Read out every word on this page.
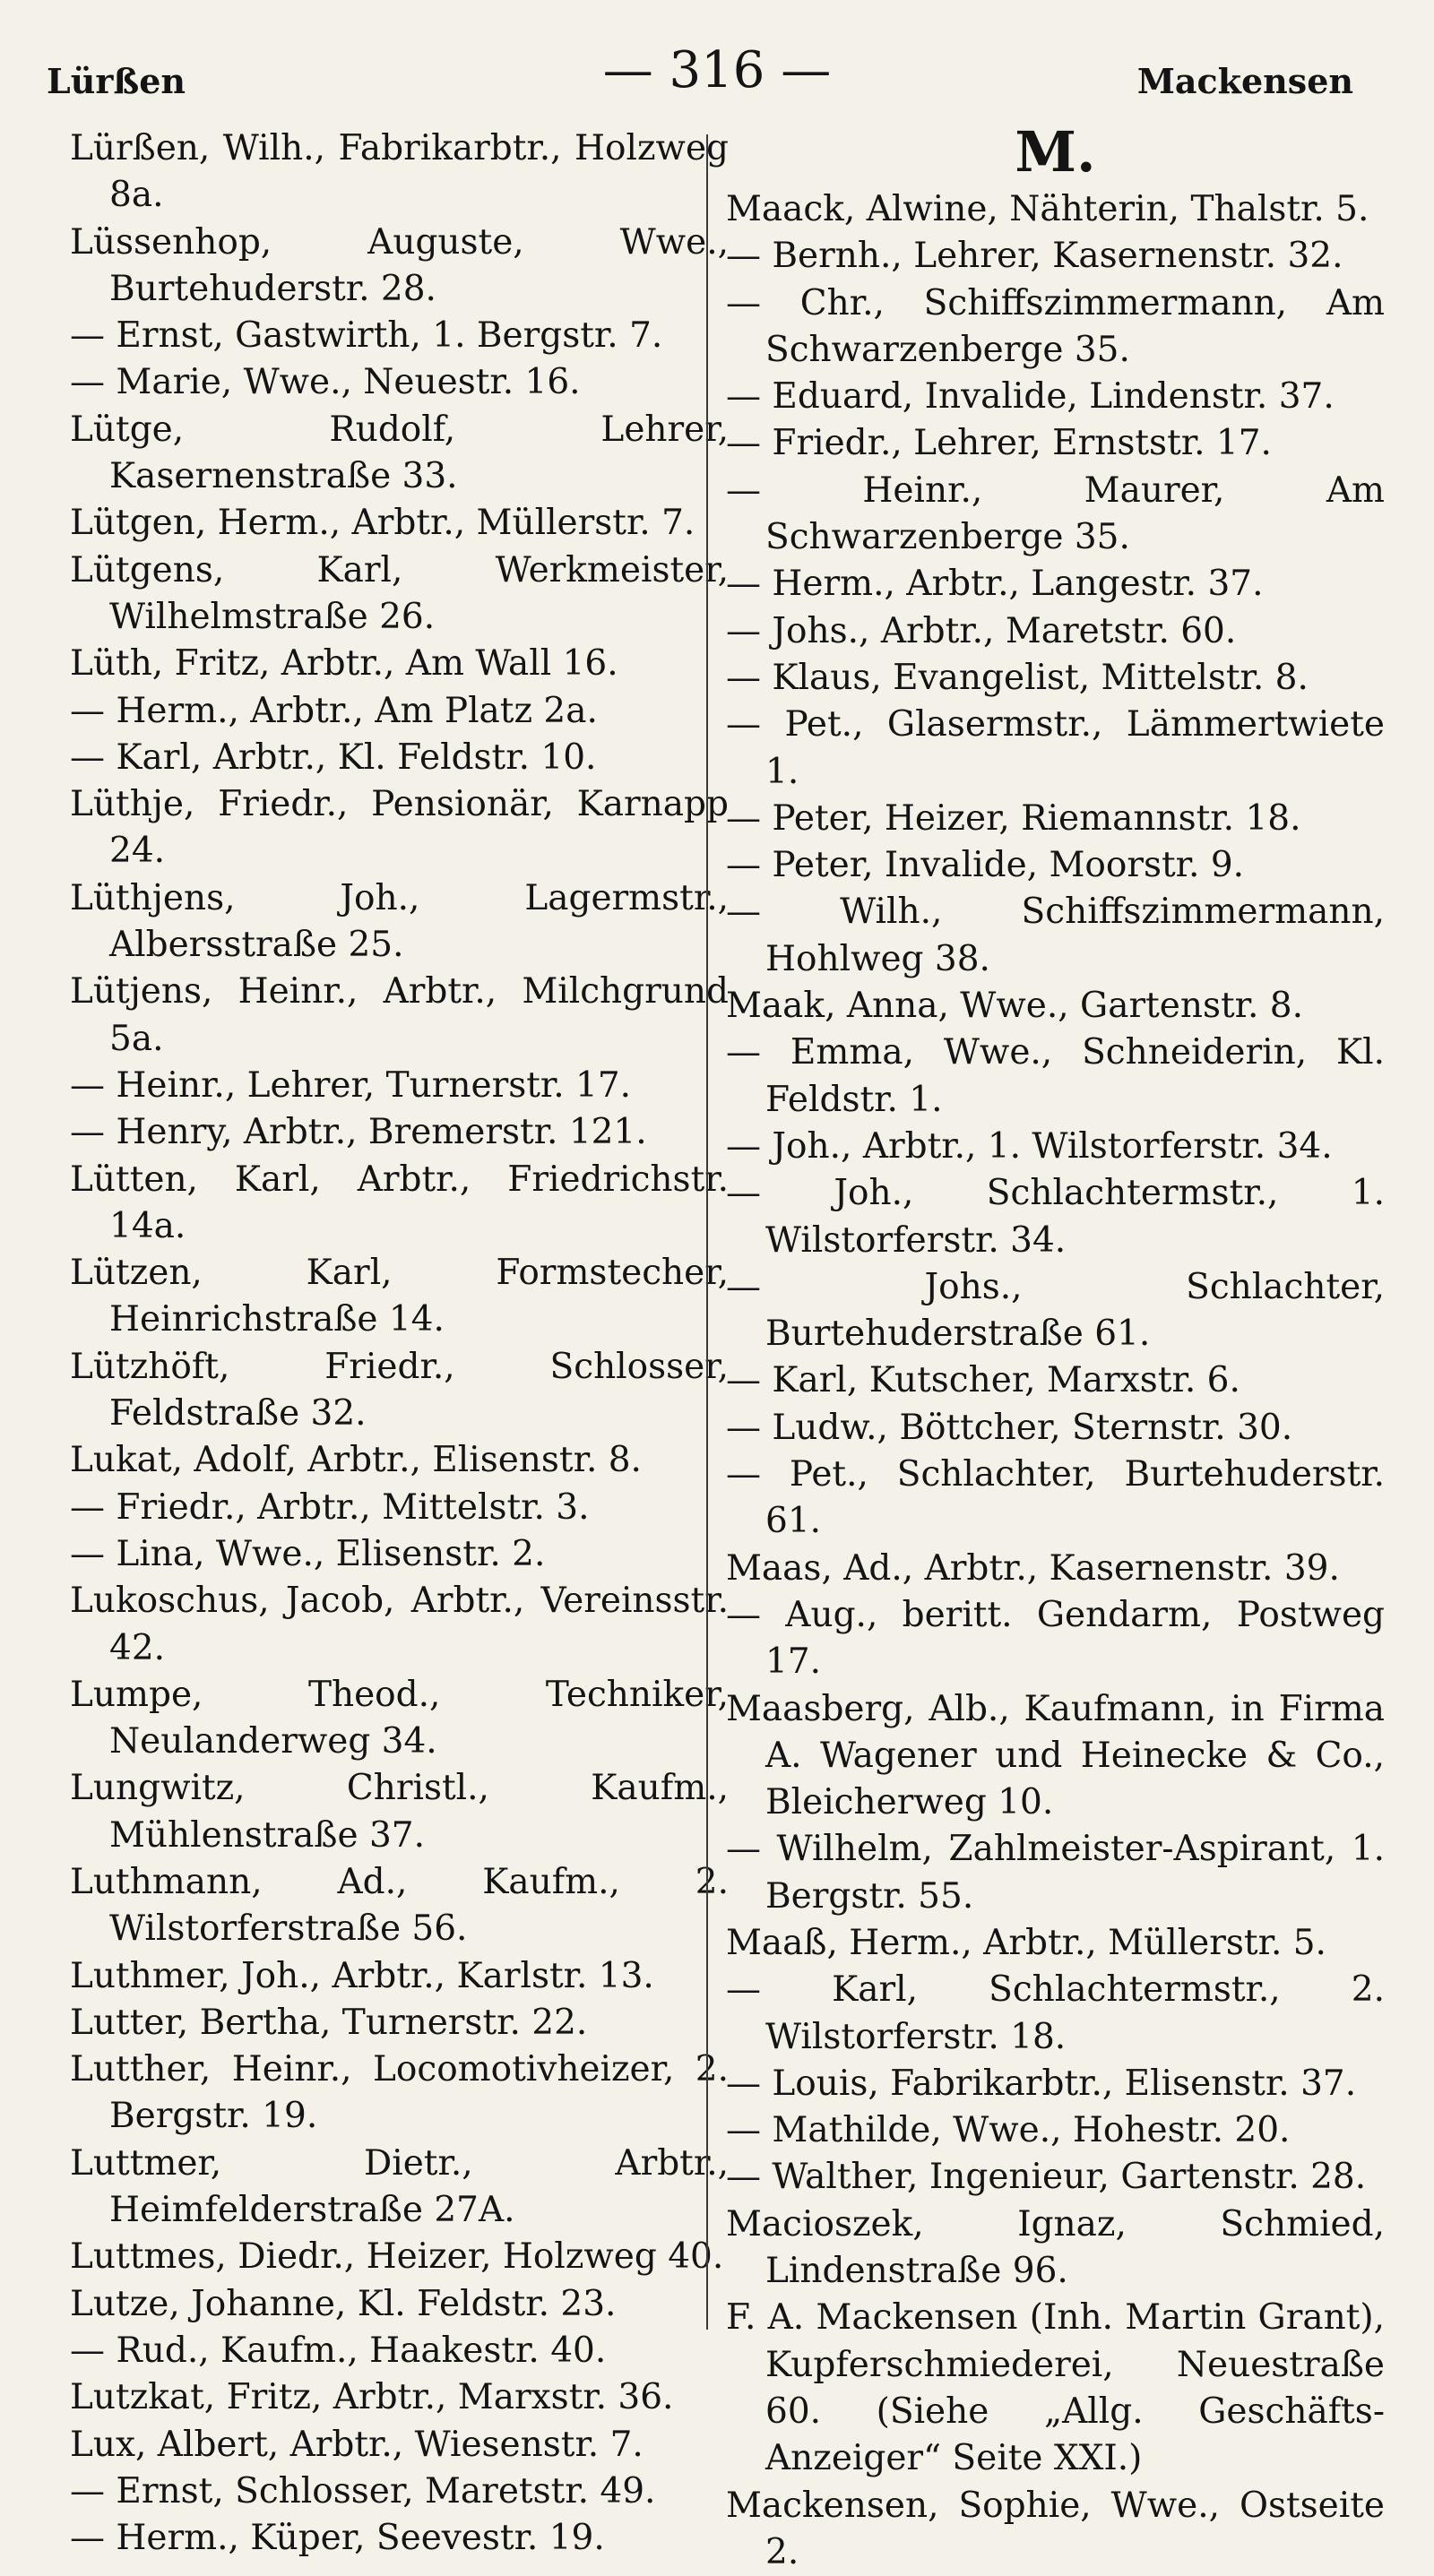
Lürßen	— 316 —	Mackensen

Lürßen, Wilh., Fabrikarbtr., Holzweg 8a.

Lüssenhop, Auguste, Wwe., Burtehuderstr. 28.

— Ernst, Gastwirth, 1. Bergstr. 7.

— Marie, Wwe., Neuestr. 16.

Lütge, Rudolf, Lehrer, Kasernenstraße 33.

Lütgen, Herm., Arbtr., Müllerstr. 7.

Lütgens, Karl, Werkmeister, Wilhelmstraße 26.

Lüth, Fritz, Arbtr., Am Wall 16.

— Herm., Arbtr., Am Platz 2a.

— Karl, Arbtr., Kl. Feldstr. 10.

Lüthje, Friedr., Pensionär, Karnapp 24.

Lüthjens, Joh., Lagermstr., Albersstraße 25.

Lütjens, Heinr., Arbtr., Milchgrund 5a.

— Heinr., Lehrer, Turnerstr. 17.

— Henry, Arbtr., Bremerstr. 121.

Lütten, Karl, Arbtr., Friedrichstr. 14a.

Lützen, Karl, Formstecher, Heinrichstraße 14.

Lützhöft, Friedr., Schlosser, Feldstraße 32.

Lukat, Adolf, Arbtr., Elisenstr. 8.

— Friedr., Arbtr., Mittelstr. 3.

— Lina, Wwe., Elisenstr. 2.

Lukoschus, Jacob, Arbtr., Vereinsstr. 42.

Lumpe, Theod., Techniker, Neulanderweg 34.

Lungwitz, Christl., Kaufm., Mühlenstraße 37.

Luthmann, Ad., Kaufm., 2. Wilstorferstraße 56.

Luthmer, Joh., Arbtr., Karlstr. 13.

Lutter, Bertha, Turnerstr. 22.

Lutther, Heinr., Locomotivheizer, 2. Bergstr. 19.

Luttmer, Dietr., Arbtr., Heimfelderstraße 27A.

Luttmes, Diedr., Heizer, Holzweg 40.

Lutze, Johanne, Kl. Feldstr. 23.

— Rud., Kaufm., Haakestr. 40.

Lutzkat, Fritz, Arbtr., Marxstr. 36.

Lux, Albert, Arbtr., Wiesenstr. 7.

— Ernst, Schlosser, Maretstr. 49.

— Herm., Küper, Seevestr. 19.

M.

Maack, Alwine, Nähterin, Thalstr. 5.

— Bernh., Lehrer, Kasernenstr. 32.

— Chr., Schiffszimmermann, Am Schwarzenberge 35.

— Eduard, Invalide, Lindenstr. 37.

— Friedr., Lehrer, Ernststr. 17.

— Heinr., Maurer, Am Schwarzenberge 35.

— Herm., Arbtr., Langestr. 37.

— Johs., Arbtr., Maretstr. 60.

— Klaus, Evangelist, Mittelstr. 8.

— Pet., Glasermstr., Lämmertwiete 1.

— Peter, Heizer, Riemannstr. 18.

— Peter, Invalide, Moorstr. 9.

— Wilh., Schiffszimmermann, Hohlweg 38.

Maak, Anna, Wwe., Gartenstr. 8.

— Emma, Wwe., Schneiderin, Kl. Feldstr. 1.

— Joh., Arbtr., 1. Wilstorferstr. 34.

— Joh., Schlachtermstr., 1. Wilstorferstr. 34.

— Johs., Schlachter, Burtehuderstraße 61.

— Karl, Kutscher, Marxstr. 6.

— Ludw., Böttcher, Sternstr. 30.

— Pet., Schlachter, Burtehuderstr. 61.

Maas, Ad., Arbtr., Kasernenstr. 39.

— Aug., beritt. Gendarm, Postweg 17.

Maasberg, Alb., Kaufmann, in Firma A. Wagener und Heinecke & Co., Bleicherweg 10.

— Wilhelm, Zahlmeister-Aspirant, 1. Bergstr. 55.

Maaß, Herm., Arbtr., Müllerstr. 5.

— Karl, Schlachtermstr., 2. Wilstorferstr. 18.

— Louis, Fabrikarbtr., Elisenstr. 37.

— Mathilde, Wwe., Hohestr. 20.

— Walther, Ingenieur, Gartenstr. 28.

Macioszek, Ignaz, Schmied, Lindenstraße 96.

F. A. Mackensen (Inh. Martin Grant), Kupferschmiederei, Neuestraße 60. (Siehe „Allg. Geschäfts-Anzeiger“ Seite XXI.)

Mackensen, Sophie, Wwe., Ostseite 2.
